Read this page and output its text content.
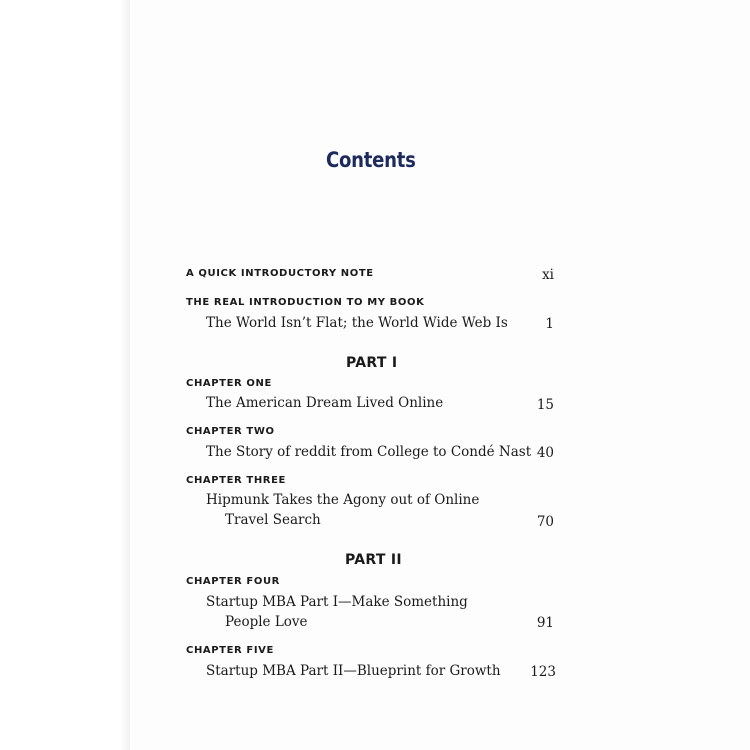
Contents
A QUICK INTRODUCTORY NOTE	xi
THE REAL INTRODUCTION TO MY BOOK
The World Isn’t Flat; the World Wide Web Is	1
PART I
CHAPTER ONE
The American Dream Lived Online	15
CHAPTER TWO
The Story of reddit from College to Condé Nast 40
CHAPTER THREE
Hipmunk Takes the Agony out of Online
Travel Search	70
PART II
CHAPTER FOUR
Startup MBA Part I—Make Something
People Love	91
CHAPTER FIVE
Startup MBA Part II—Blueprint for Growth	123
